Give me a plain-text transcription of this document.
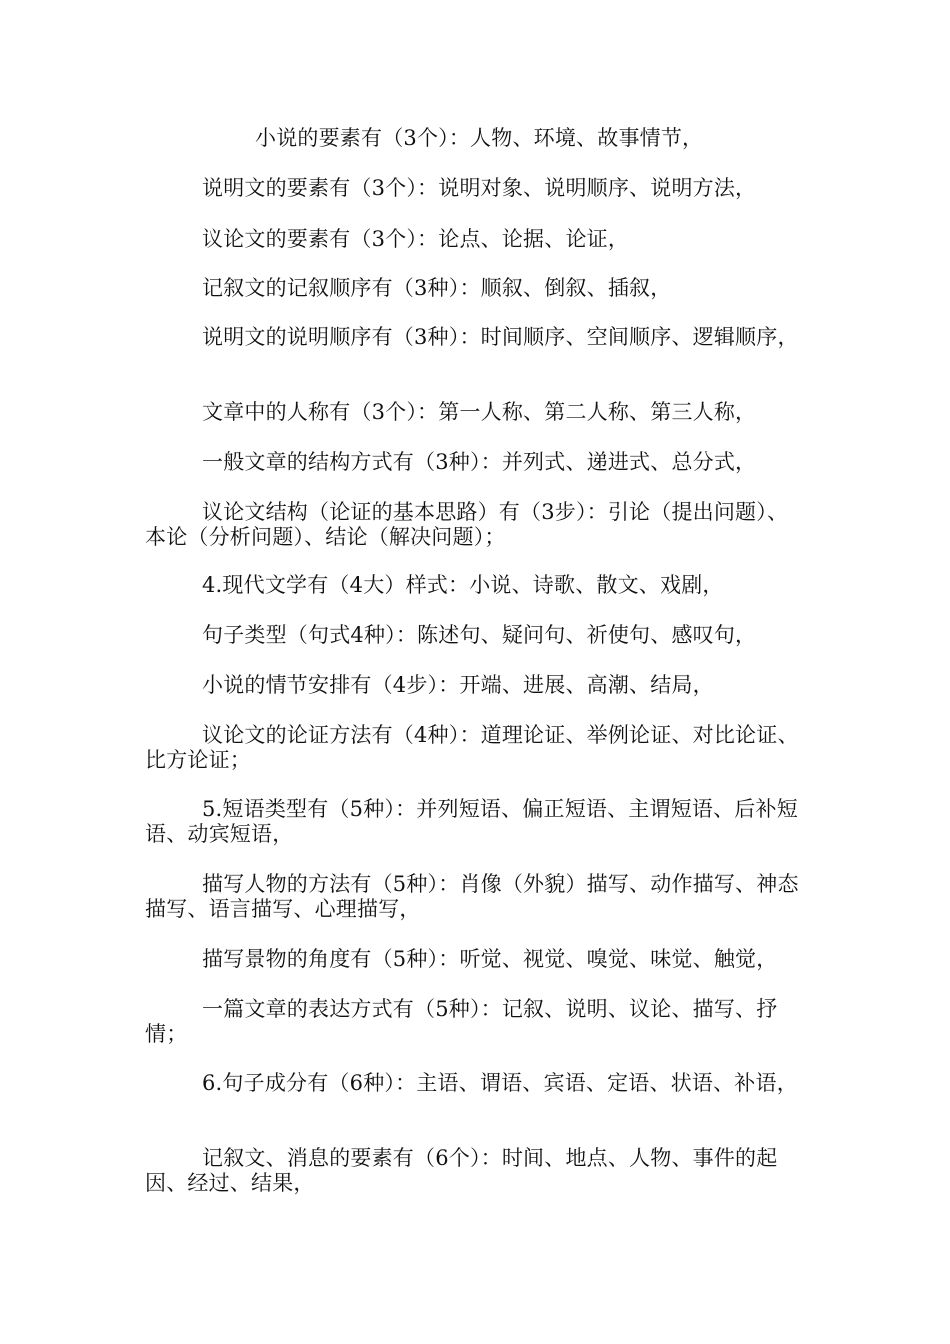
小说的要素有（3个）：人物、环境、故事情节，

说明文的要素有（3个）：说明对象、说明顺序、说明方法，

议论文的要素有（3个）：论点、论据、论证，

记叙文的记叙顺序有（3种）：顺叙、倒叙、插叙，

说明文的说明顺序有（3种）：时间顺序、空间顺序、逻辑顺序，

文章中的人称有（3个）：第一人称、第二人称、第三人称，

一般文章的结构方式有（3种）：并列式、递进式、总分式，

议论文结构（论证的基本思路）有（3步）：引论（提出问题）、本论（分析问题）、结论（解决问题）；

4.现代文学有（4大）样式：小说、诗歌、散文、戏剧，

句子类型（句式4种）：陈述句、疑问句、祈使句、感叹句，

小说的情节安排有（4步）：开端、进展、高潮、结局，

议论文的论证方法有（4种）：道理论证、举例论证、对比论证、比方论证；

5.短语类型有（5种）：并列短语、偏正短语、主谓短语、后补短语、动宾短语，

描写人物的方法有（5种）：肖像（外貌）描写、动作描写、神态描写、语言描写、心理描写，

描写景物的角度有（5种）：听觉、视觉、嗅觉、味觉、触觉，

一篇文章的表达方式有（5种）：记叙、说明、议论、描写、抒情；

6.句子成分有（6种）：主语、谓语、宾语、定语、状语、补语，

记叙文、消息的要素有（6个）：时间、地点、人物、事件的起因、经过、结果，
